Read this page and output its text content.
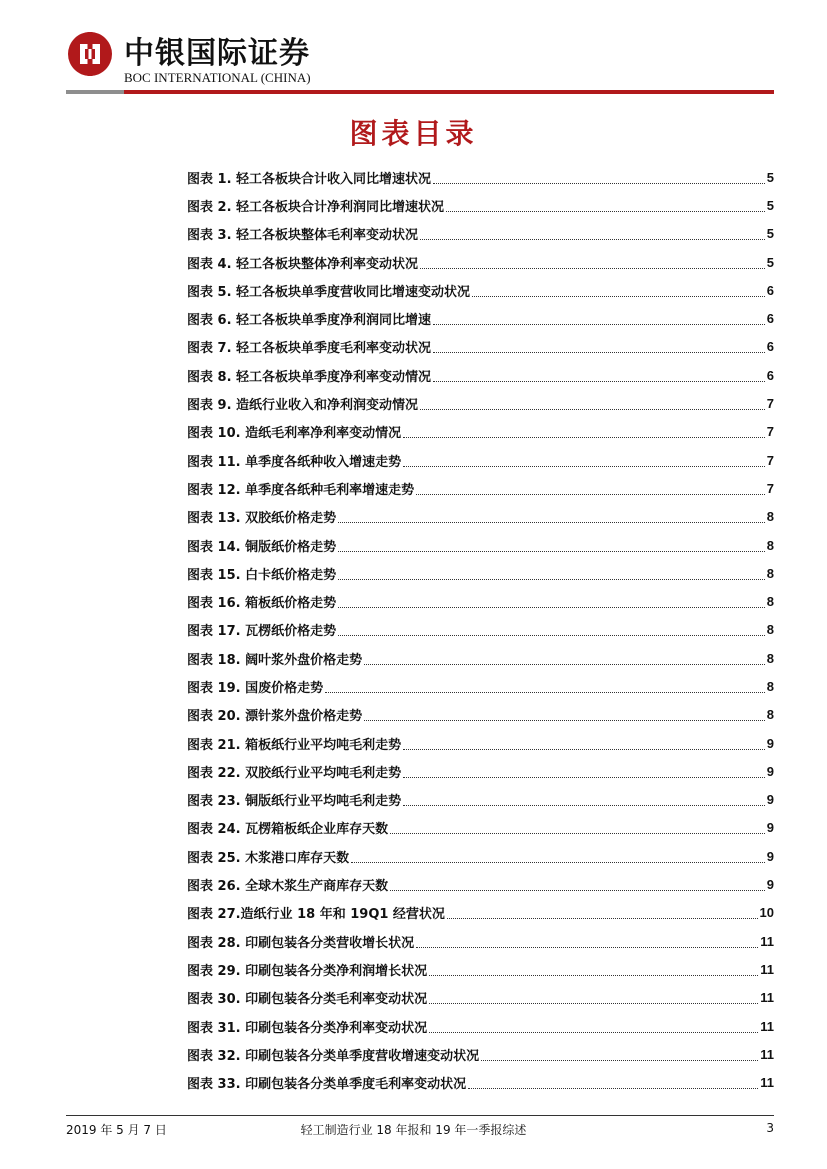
中银国际证券
BOC INTERNATIONAL (CHINA)
图表目录
图表 1. 轻工各板块合计收入同比增速状况	5
图表 2. 轻工各板块合计净利润同比增速状况	5
图表 3. 轻工各板块整体毛利率变动状况	5
图表 4. 轻工各板块整体净利率变动状况	5
图表 5. 轻工各板块单季度营收同比增速变动状况	6
图表 6. 轻工各板块单季度净利润同比增速	6
图表 7. 轻工各板块单季度毛利率变动状况	6
图表 8. 轻工各板块单季度净利率变动情况	6
图表 9. 造纸行业收入和净利润变动情况	7
图表 10. 造纸毛利率净利率变动情况	7
图表 11. 单季度各纸种收入增速走势	7
图表 12. 单季度各纸种毛利率增速走势	7
图表 13. 双胶纸价格走势	8
图表 14. 铜版纸价格走势	8
图表 15. 白卡纸价格走势	8
图表 16. 箱板纸价格走势	8
图表 17. 瓦楞纸价格走势	8
图表 18. 阔叶浆外盘价格走势	8
图表 19. 国废价格走势	8
图表 20. 漂针浆外盘价格走势	8
图表 21. 箱板纸行业平均吨毛利走势	9
图表 22. 双胶纸行业平均吨毛利走势	9
图表 23. 铜版纸行业平均吨毛利走势	9
图表 24. 瓦楞箱板纸企业库存天数	9
图表 25. 木浆港口库存天数	9
图表 26. 全球木浆生产商库存天数	9
图表 27.造纸行业 18 年和 19Q1 经营状况	10
图表 28. 印刷包装各分类营收增长状况	11
图表 29. 印刷包装各分类净利润增长状况	11
图表 30. 印刷包装各分类毛利率变动状况	11
图表 31. 印刷包装各分类净利率变动状况	11
图表 32. 印刷包装各分类单季度营收增速变动状况	11
图表 33. 印刷包装各分类单季度毛利率变动状况	11
2019 年 5 月 7 日	轻工制造行业 18 年报和 19 年一季报综述	3
